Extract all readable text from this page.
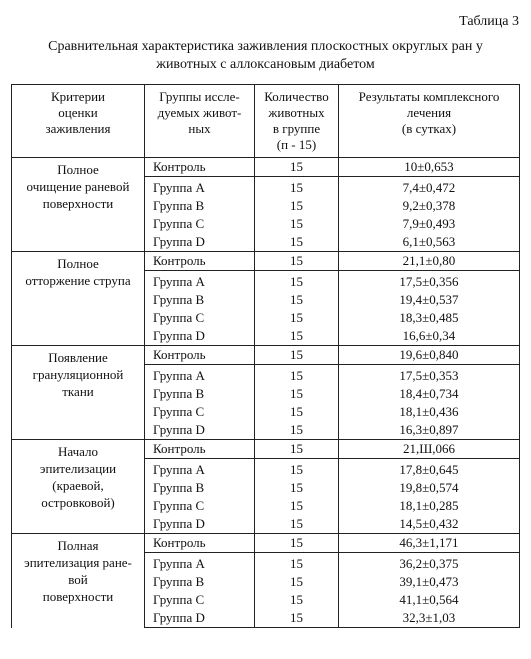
Таблица 3
Сравнительная характеристика заживления плоскостных округлых ран у
животных с аллоксановым диабетом
Критерии
оценки
заживления	Группы иссле-
дуемых живот-
ных	Количество
животных
в группе
(п - 15)	Результаты комплексного
лечения
(в сутках)

Полное
очищение раневой
поверхности	Контроль	15	10±0,653
	Группа А	15	7,4±0,472
	Группа В	15	9,2±0,378
	Группа С	15	7,9±0,493
	Группа D	15	6,1±0,563

Полное
отторжение струпа	Контроль	15	21,1±0,80
	Группа А	15	17,5±0,356
	Группа В	15	19,4±0,537
	Группа С	15	18,3±0,485
	Группа D	15	16,6±0,34

Появление
грануляционной
ткани	Контроль	15	19,6±0,840
	Группа А	15	17,5±0,353
	Группа В	15	18,4±0,734
	Группа С	15	18,1±0,436
	Группа D	15	16,3±0,897

Начало
эпителизации
(краевой,
островковой)	Контроль	15	21,Ш,066
	Группа А	15	17,8±0,645
	Группа В	15	19,8±0,574
	Группа С	15	18,1±0,285
	Группа D	15	14,5±0,432

Полная
эпителизация ране-
вой
поверхности	Контроль	15	46,3±1,171
	Группа А	15	36,2±0,375
	Группа В	15	39,1±0,473
	Группа С	15	41,1±0,564
	Группа D	15	32,3±1,03
